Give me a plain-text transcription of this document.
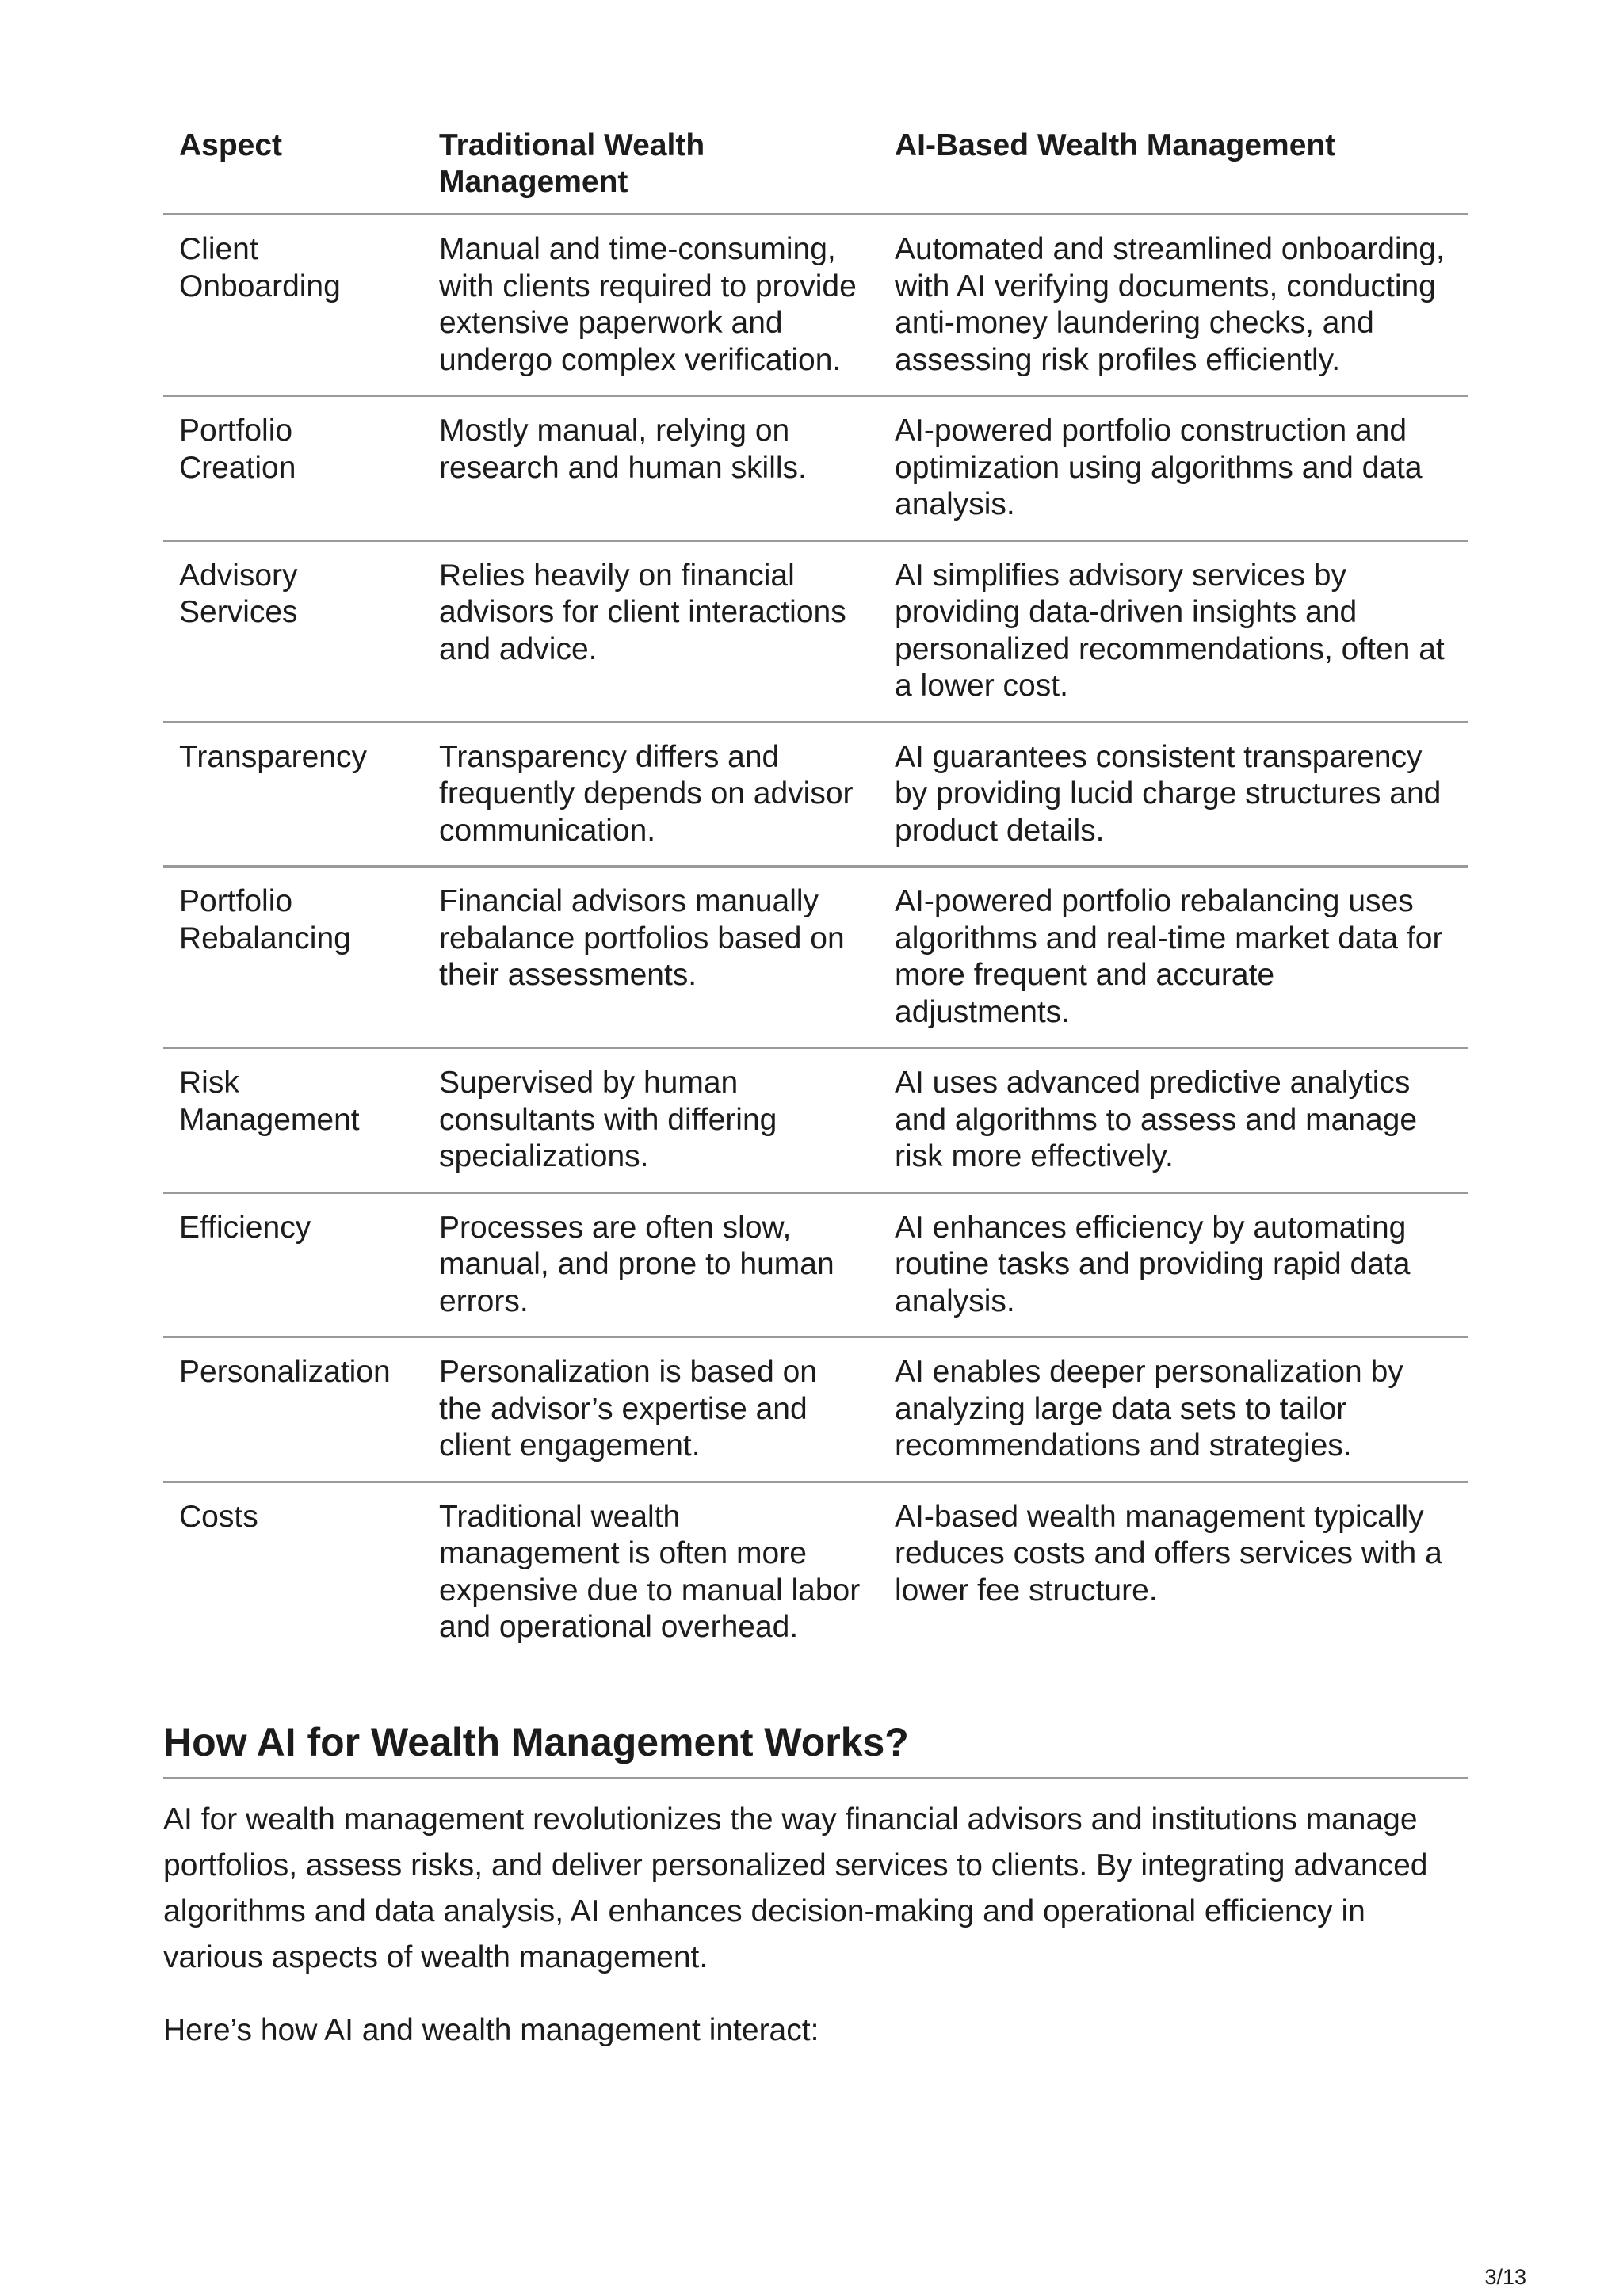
Aspect	Traditional Wealth Management	AI-Based Wealth Management
Client Onboarding	Manual and time-consuming, with clients required to provide extensive paperwork and undergo complex verification.	Automated and streamlined onboarding, with AI verifying documents, conducting anti-money laundering checks, and assessing risk profiles efficiently.
Portfolio Creation	Mostly manual, relying on research and human skills.	AI-powered portfolio construction and optimization using algorithms and data analysis.
Advisory Services	Relies heavily on financial advisors for client interactions and advice.	AI simplifies advisory services by providing data-driven insights and personalized recommendations, often at a lower cost.
Transparency	Transparency differs and frequently depends on advisor communication.	AI guarantees consistent transparency by providing lucid charge structures and product details.
Portfolio Rebalancing	Financial advisors manually rebalance portfolios based on their assessments.	AI-powered portfolio rebalancing uses algorithms and real-time market data for more frequent and accurate adjustments.
Risk Management	Supervised by human consultants with differing specializations.	AI uses advanced predictive analytics and algorithms to assess and manage risk more effectively.
Efficiency	Processes are often slow, manual, and prone to human errors.	AI enhances efficiency by automating routine tasks and providing rapid data analysis.
Personalization	Personalization is based on the advisor’s expertise and client engagement.	AI enables deeper personalization by analyzing large data sets to tailor recommendations and strategies.
Costs	Traditional wealth management is often more expensive due to manual labor and operational overhead.	AI-based wealth management typically reduces costs and offers services with a lower fee structure.
How AI for Wealth Management Works?

AI for wealth management revolutionizes the way financial advisors and institutions manage portfolios, assess risks, and deliver personalized services to clients. By integrating advanced algorithms and data analysis, AI enhances decision-making and operational efficiency in various aspects of wealth management.

Here’s how AI and wealth management interact:

3/13
